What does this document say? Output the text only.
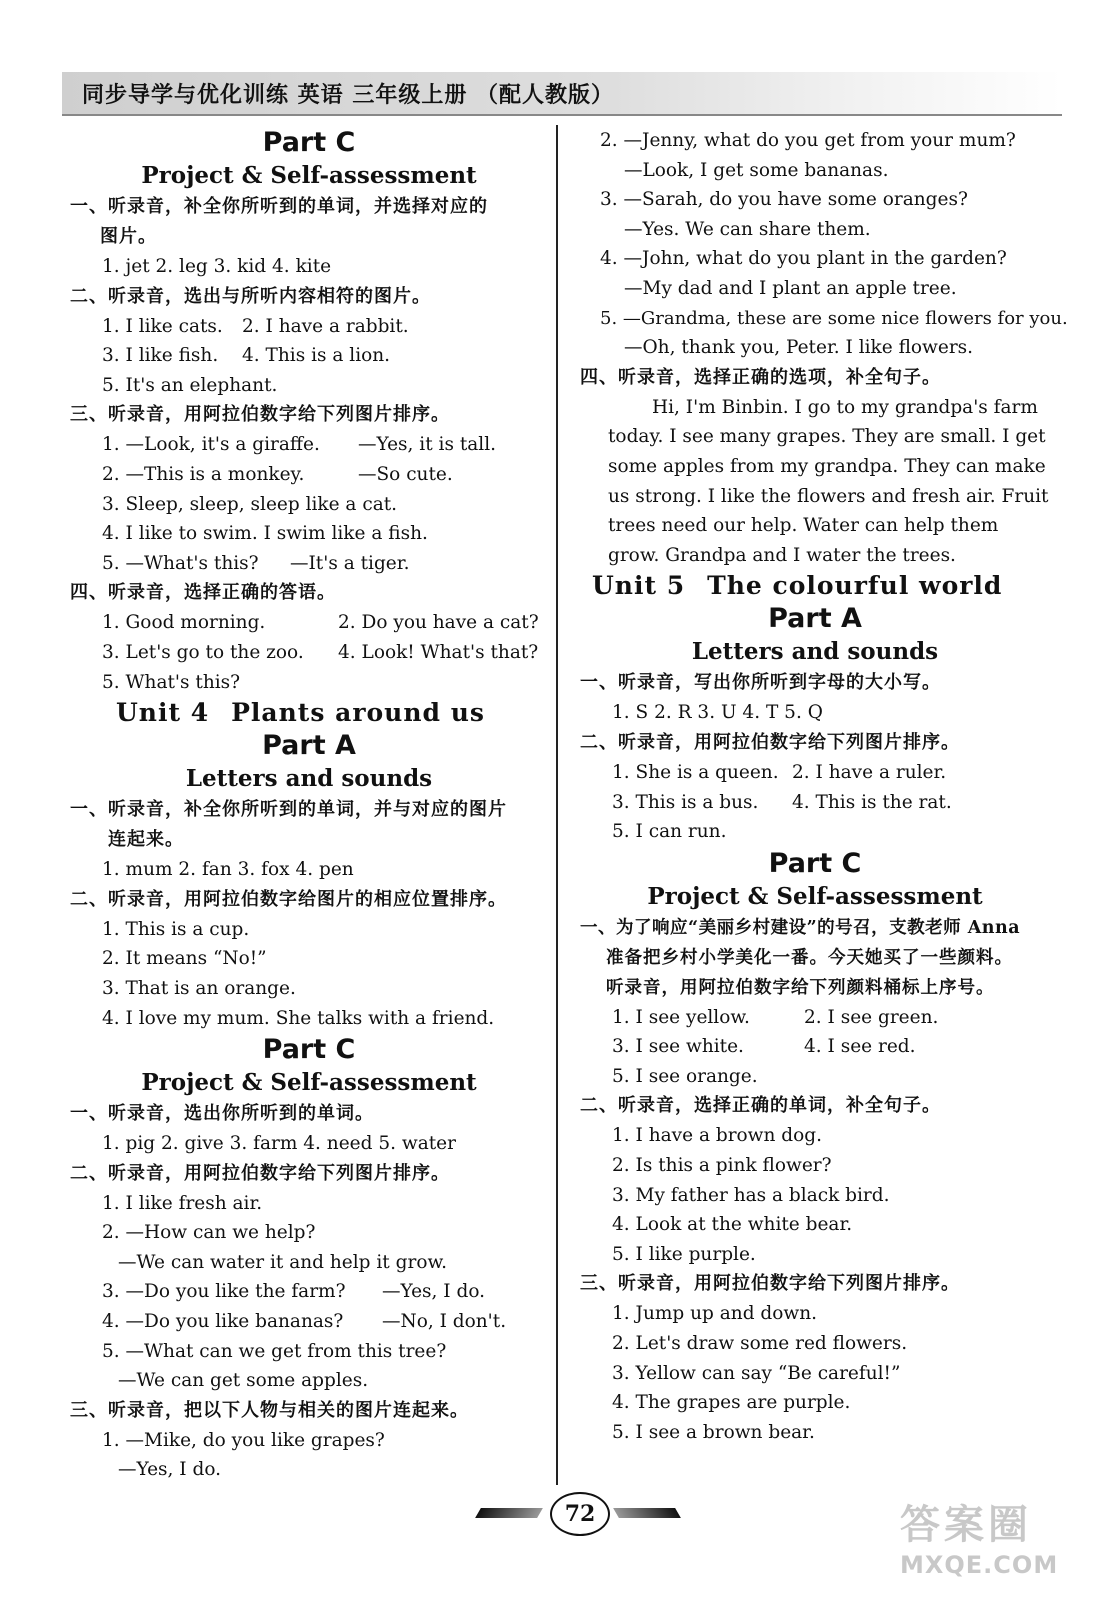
同步导学与优化训练 英语 三年级上册 （配人教版）
Part C
Project & Self-assessment
一、听录音，补全你所听到的单词，并选择对应的
图片。
1. jet 2. leg 3. kid 4. kite
二、听录音，选出与所听内容相符的图片。
1. I like cats. 2. I have a rabbit.
3. I like fish. 4. This is a lion.
5. It's an elephant.
三、听录音，用阿拉伯数字给下列图片排序。
1. —Look, it's a giraffe. —Yes, it is tall.
2. —This is a monkey.	—So cute.
3. Sleep, sleep, sleep like a cat.
4. I like to swim. I swim like a fish.
5. —What's this? —It's a tiger.
四、听录音，选择正确的答语。
1. Good morning.	2. Do you have a cat?
3. Let's go to the zoo. 4. Look! What's that?
5. What's this?
Unit 4 Plants around us
Part A
Letters and sounds
一、听录音，补全你所听到的单词，并与对应的图片
连起来。
1. mum 2. fan 3. fox 4. pen
二、听录音，用阿拉伯数字给图片的相应位置排序。
1. This is a cup.
2. It means “No!”
3. That is an orange.
4. I love my mum. She talks with a friend.
Part C
Project & Self-assessment
一、听录音，选出你所听到的单词。
1. pig 2. give 3. farm 4. need 5. water
二、听录音，用阿拉伯数字给下列图片排序。
1. I like fresh air.
2. —How can we help?
—We can water it and help it grow.
3. —Do you like the farm? —Yes, I do.
4. —Do you like bananas? —No, I don't.
5. —What can we get from this tree?
—We can get some apples.
三、听录音，把以下人物与相关的图片连起来。
1. —Mike, do you like grapes?
—Yes, I do.
2. —Jenny, what do you get from your mum?
—Look, I get some bananas.
3. —Sarah, do you have some oranges?
—Yes. We can share them.
4. —John, what do you plant in the garden?
—My dad and I plant an apple tree.
5. —Grandma, these are some nice flowers for you.
—Oh, thank you, Peter. I like flowers.
四、听录音，选择正确的选项，补全句子。
Hi, I'm Binbin. I go to my grandpa's farm today. I see many grapes. They are small. I get some apples from my grandpa. They can make us strong. I like the flowers and fresh air. Fruit trees need our help. Water can help them grow. Grandpa and I water the trees.
Unit 5 The colourful world
Part A
Letters and sounds
一、听录音，写出你所听到字母的大小写。
1. S 2. R 3. U 4. T 5. Q
二、听录音，用阿拉伯数字给下列图片排序。
1. She is a queen. 2. I have a ruler.
3. This is a bus. 4. This is the rat.
5. I can run.
Part C
Project & Self-assessment
一、为了响应“美丽乡村建设”的号召，支教老师 Anna
准备把乡村小学美化一番。今天她买了一些颜料。
听录音，用阿拉伯数字给下列颜料桶标上序号。
1. I see yellow.	2. I see green.
3. I see white.	4. I see red.
5. I see orange.
二、听录音，选择正确的单词，补全句子。
1. I have a brown dog.
2. Is this a pink flower?
3. My father has a black bird.
4. Look at the white bear.
5. I like purple.
三、听录音，用阿拉伯数字给下列图片排序。
1. Jump up and down.
2. Let's draw some red flowers.
3. Yellow can say “Be careful!”
4. The grapes are purple.
5. I see a brown bear.
72	答案圈
MXQE.COM
